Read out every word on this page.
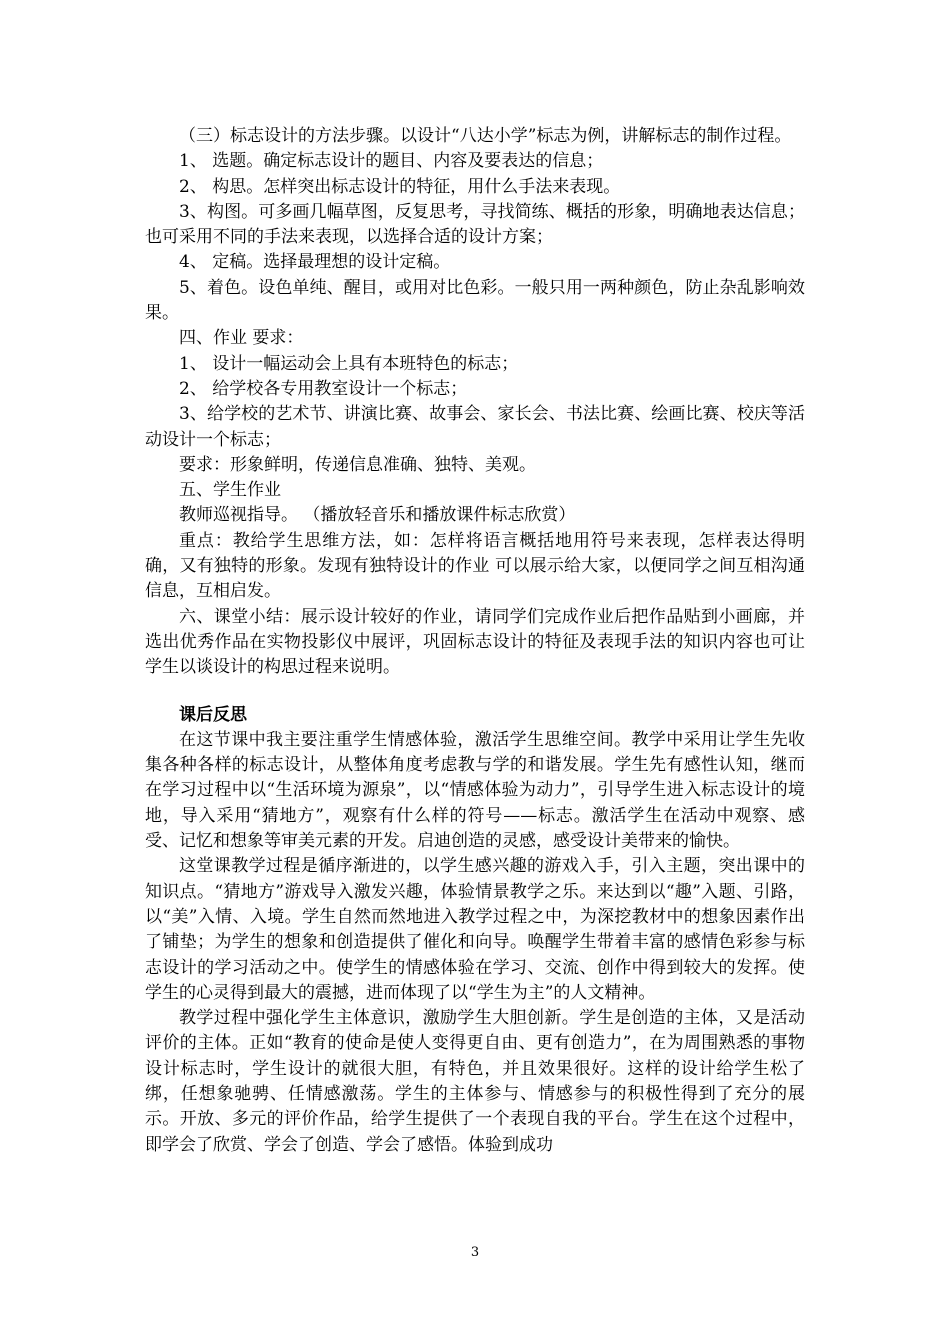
（三）标志设计的方法步骤。以设计“八达小学”标志为例，讲解标志的制作过程。

1、 选题。确定标志设计的题目、内容及要表达的信息；

2、 构思。怎样突出标志设计的特征，用什么手法来表现。

3、构图。可多画几幅草图，反复思考，寻找简练、概括的形象，明确地表达信息；也可采用不同的手法来表现，以选择合适的设计方案；

4、 定稿。选择最理想的设计定稿。

5、着色。设色单纯、醒目，或用对比色彩。一般只用一两种颜色，防止杂乱影响效果。

四、作业 要求：

1、 设计一幅运动会上具有本班特色的标志；

2、 给学校各专用教室设计一个标志；

3、给学校的艺术节、讲演比赛、故事会、家长会、书法比赛、绘画比赛、校庆等活动设计一个标志；

要求：形象鲜明，传递信息准确、独特、美观。

五、学生作业

教师巡视指导。 （播放轻音乐和播放课件标志欣赏）

重点：教给学生思维方法，如：怎样将语言概括地用符号来表现，怎样表达得明确，又有独特的形象。发现有独特设计的作业 可以展示给大家，以便同学之间互相沟通信息，互相启发。

六、课堂小结：展示设计较好的作业，请同学们完成作业后把作品贴到小画廊，并选出优秀作品在实物投影仪中展评，巩固标志设计的特征及表现手法的知识内容也可让学生以谈设计的构思过程来说明。

课后反思

在这节课中我主要注重学生情感体验，激活学生思维空间。教学中采用让学生先收集各种各样的标志设计，从整体角度考虑教与学的和谐发展。学生先有感性认知，继而在学习过程中以“生活环境为源泉”，以“情感体验为动力”，引导学生进入标志设计的境地，导入采用“猜地方”，观察有什么样的符号——标志。激活学生在活动中观察、感受、记忆和想象等审美元素的开发。启迪创造的灵感，感受设计美带来的愉快。

这堂课教学过程是循序渐进的，以学生感兴趣的游戏入手，引入主题，突出课中的知识点。“猜地方”游戏导入激发兴趣，体验情景教学之乐。来达到以“趣”入题、引路，以“美”入情、入境。学生自然而然地进入教学过程之中，为深挖教材中的想象因素作出了铺垫；为学生的想象和创造提供了催化和向导。唤醒学生带着丰富的感情色彩参与标志设计的学习活动之中。使学生的情感体验在学习、交流、创作中得到较大的发挥。使学生的心灵得到最大的震撼，进而体现了以“学生为主”的人文精神。

教学过程中强化学生主体意识，激励学生大胆创新。学生是创造的主体，又是活动评价的主体。正如“教育的使命是使人变得更自由、更有创造力”，在为周围熟悉的事物设计标志时，学生设计的就很大胆，有特色，并且效果很好。这样的设计给学生松了绑，任想象驰骋、任情感激荡。学生的主体参与、情感参与的积极性得到了充分的展示。开放、多元的评价作品，给学生提供了一个表现自我的平台。学生在这个过程中，即学会了欣赏、学会了创造、学会了感悟。体验到成功

3
